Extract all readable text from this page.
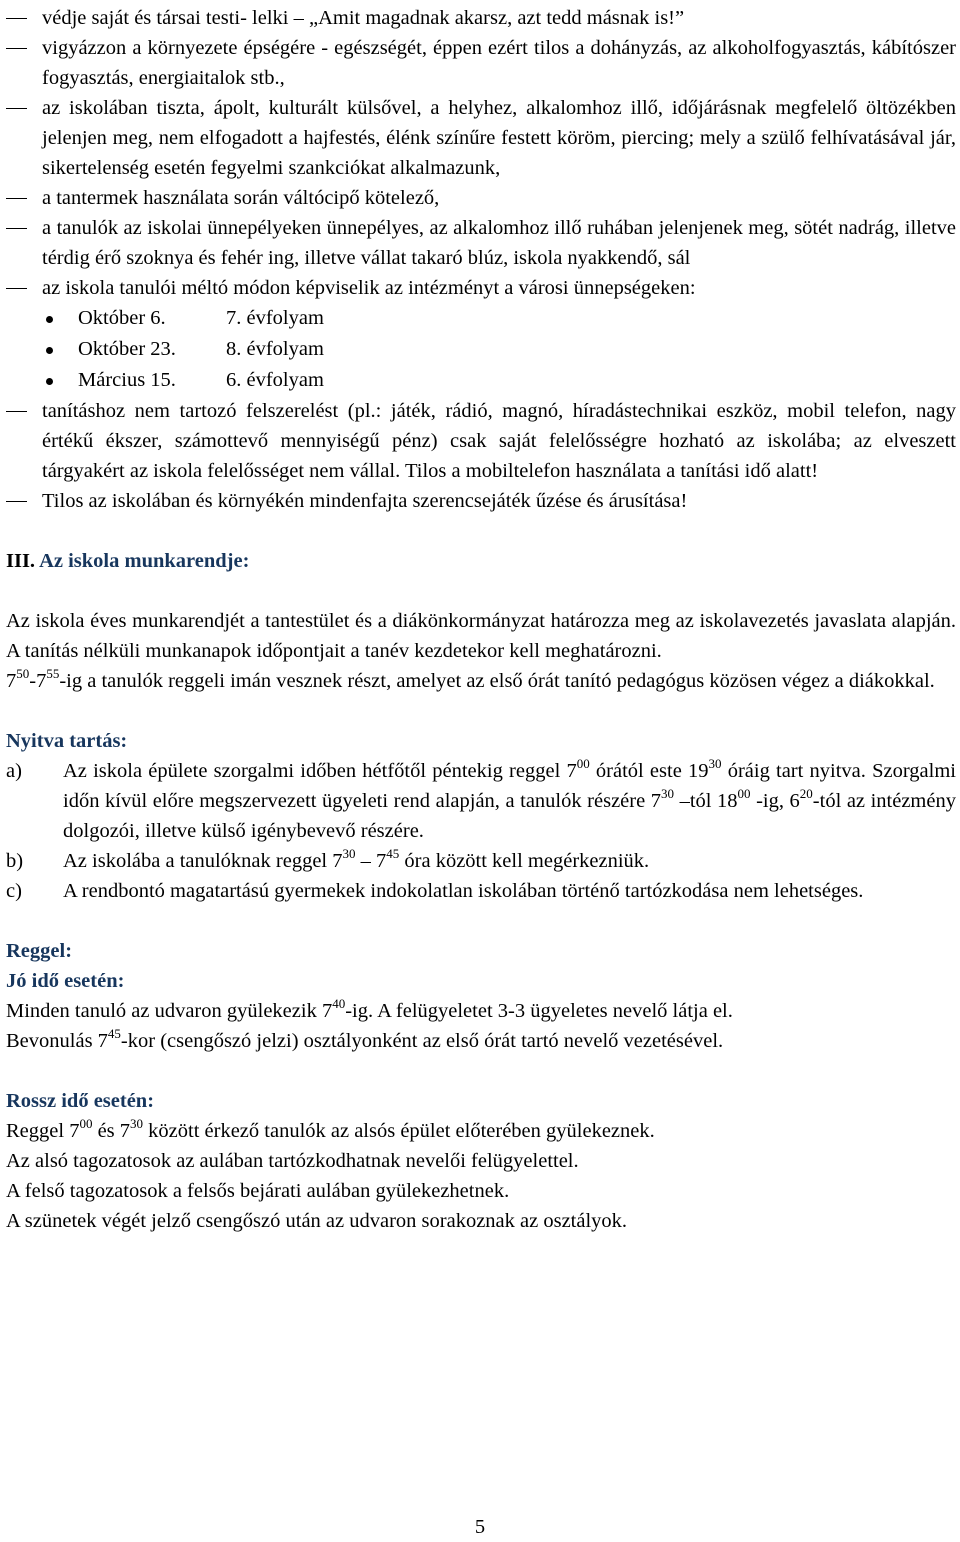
védje saját és társai testi- lelki – „Amit magadnak akarsz, azt tedd másnak is!”
vigyázzon a környezete épségére - egészségét, éppen ezért tilos a dohányzás, az alkoholfogyasztás, kábítószer fogyasztás, energiaitalok stb.,
az iskolában tiszta, ápolt, kulturált külsővel, a helyhez, alkalomhoz illő, időjárásnak megfelelő öltözékben jelenjen meg, nem elfogadott a hajfestés, élénk színűre festett köröm, piercing; mely a szülő felhívatásával jár, sikertelenség esetén fegyelmi szankciókat alkalmazunk,
a tantermek használata során váltócipő kötelező,
a tanulók az iskolai ünnepélyeken ünnepélyes, az alkalomhoz illő ruhában jelenjenek meg, sötét nadrág, illetve térdig érő szoknya és fehér ing, illetve vállat takaró blúz, iskola nyakkendő, sál
az iskola tanulói méltó módon képviselik az intézményt a városi ünnepségeken:
Október 6.	7. évfolyam
Október 23. 8. évfolyam
Március 15. 6. évfolyam
tanításhoz nem tartozó felszerelést (pl.: játék, rádió, magnó, híradástechnikai eszköz, mobil telefon, nagy értékű ékszer, számottevő mennyiségű pénz) csak saját felelősségre hozható az iskolába; az elveszett tárgyakért az iskola felelősséget nem vállal. Tilos a mobiltelefon használata a tanítási idő alatt!
Tilos az iskolában és környékén mindenfajta szerencsejáték űzése és árusítása!
III. Az iskola munkarendje:
Az iskola éves munkarendjét a tantestület és a diákönkormányzat határozza meg az iskolavezetés javaslata alapján. A tanítás nélküli munkanapok időpontjait a tanév kezdetekor kell meghatározni.
$7^{50}-7^{55}-ig$ a tanulók reggeli imán vesznek részt, amelyet az első órát tanító pedagógus közösen végez a diákokkal.
Nyitva tartás:
a) Az iskola épülete szorgalmi időben hétfőtől péntekig reggel $7^{00}$ órától este $19^{30}$ óráig tart nyitva. Szorgalmi időn kívül előre megszervezett ügyeleti rend alapján, a tanulók részére $7^{30}$ –tól $18^{00}$ -ig, $6^{20}$-tól az intézmény dolgozói, illetve külső igénybevevő részére.
b) Az iskolába a tanulóknak reggel $7^{30} - 7^{45}$ óra között kell megérkezniük.
c) A rendbontó magatartású gyermekek indokolatlan iskolában történő tartózkodása nem lehetséges.
Reggel:
Jó idő esetén:
Minden tanuló az udvaron gyülekezik $7^{40}-ig$. A felügyeletet 3-3 ügyeletes nevelő látja el.
Bevonulás $7^{45}$-kor (csengőszó jelzi) osztályonként az első órát tartó nevelő vezetésével.
Rossz idő esetén:
Reggel $7^{00}$ és $7^{30}$ között érkező tanulók az alsós épület előterében gyülekeznek.
Az alsó tagozatosok az aulában tartózkodhatnak nevelői felügyelettel.
A felső tagozatosok a felsős bejárati aulában gyülekezhetnek.
A szünetek végét jelző csengőszó után az udvaron sorakoznak az osztályok.
5
